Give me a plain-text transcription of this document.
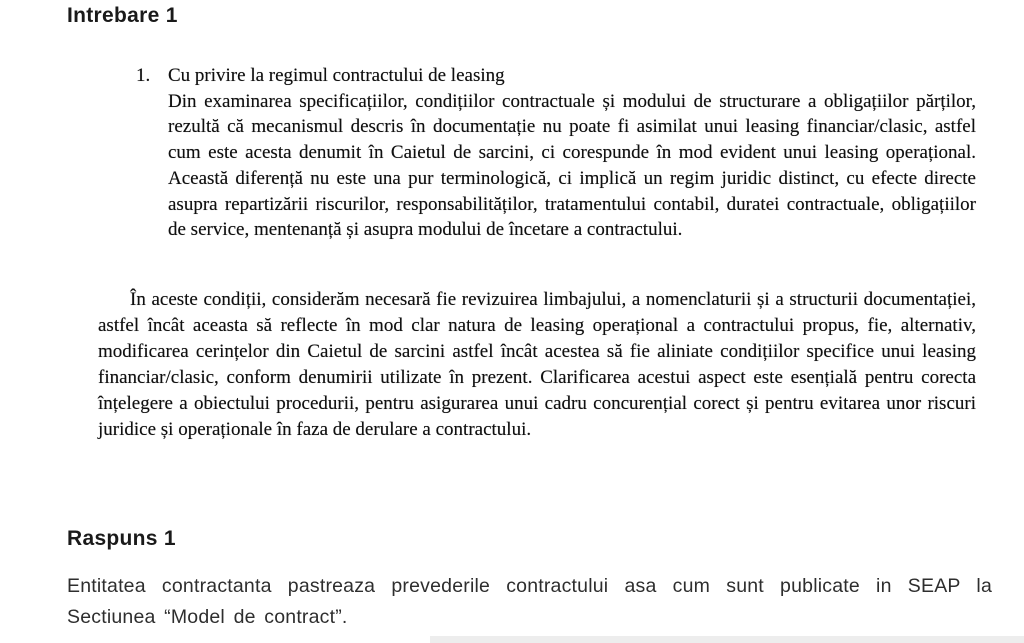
Intrebare 1
1. Cu privire la regimul contractului de leasing

Din examinarea specificațiilor, condițiilor contractuale și modului de structurare a obligațiilor părților, rezultă că mecanismul descris în documentație nu poate fi asimilat unui leasing financiar/clasic, astfel cum este acesta denumit în Caietul de sarcini, ci corespunde în mod evident unui leasing operațional. Această diferență nu este una pur terminologică, ci implică un regim juridic distinct, cu efecte directe asupra repartizării riscurilor, responsabilităților, tratamentului contabil, duratei contractuale, obligațiilor de service, mentenanță și asupra modului de încetare a contractului.

În aceste condiții, considerăm necesară fie revizuirea limbajului, a nomenclaturii și a structurii documentației, astfel încât aceasta să reflecte în mod clar natura de leasing operațional a contractului propus, fie, alternativ, modificarea cerințelor din Caietul de sarcini astfel încât acestea să fie aliniate condițiilor specifice unui leasing financiar/clasic, conform denumirii utilizate în prezent. Clarificarea acestui aspect este esențială pentru corecta înțelegere a obiectului procedurii, pentru asigurarea unui cadru concurențial corect și pentru evitarea unor riscuri juridice și operaționale în faza de derulare a contractului.

Raspuns 1

Entitatea contractanta pastreaza prevederile contractului asa cum sunt publicate in SEAP la Sectiunea “Model de contract”.
